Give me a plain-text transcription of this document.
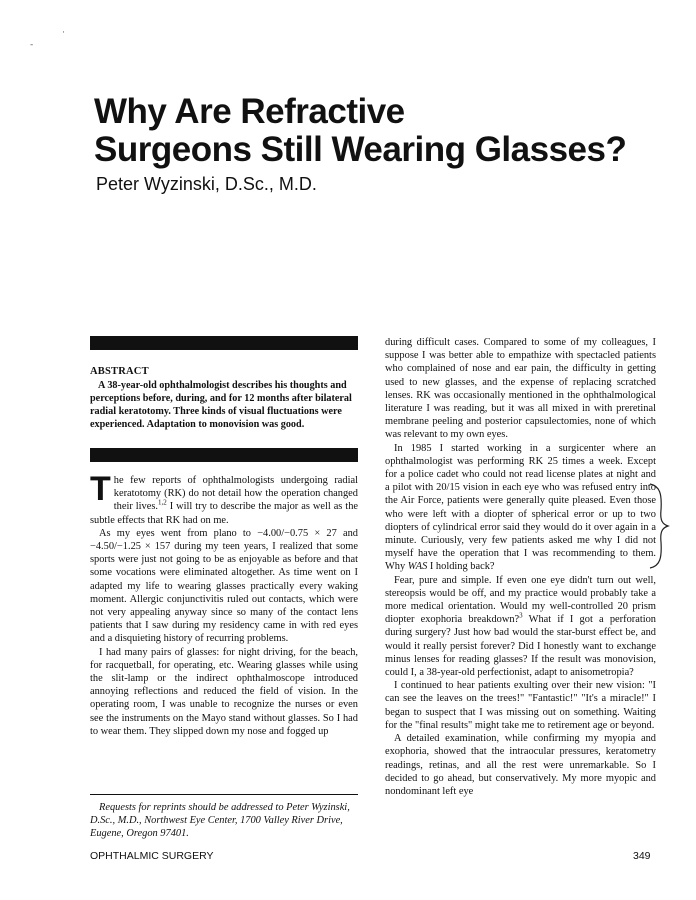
·
-
Why Are Refractive
Surgeons Still Wearing Glasses?

Peter Wyzinski, D.Sc., M.D.

ABSTRACT

A 38-year-old ophthalmologist describes his thoughts and perceptions before, during, and for 12 months after bilateral radial keratotomy. Three kinds of visual fluctuations were experienced. Adaptation to monovision was good.

The few reports of ophthalmologists undergoing radial keratotomy (RK) do not detail how the operation changed their lives.$^{1,2}$ I will try to describe the major as well as the subtle effects that RK had on me.

As my eyes went from plano to −4.00/−0.75 × 27 and −4.50/−1.25 × 157 during my teen years, I realized that some sports were just not going to be as enjoyable as before and that some vocations were eliminated altogether. As time went on I adapted my life to wearing glasses practically every waking moment. Allergic conjunctivitis ruled out contacts, which were not very appealing anyway since so many of the contact lens patients that I saw during my residency came in with red eyes and a disquieting history of recurring problems.

I had many pairs of glasses: for night driving, for the beach, for racquetball, for operating, etc. Wearing glasses while using the slit-lamp or the indirect ophthalmoscope introduced annoying reflections and reduced the field of vision. In the operating room, I was unable to recognize the nurses or even see the instruments on the Mayo stand without glasses. So I had to wear them. They slipped down my nose and fogged up

Requests for reprints should be addressed to Peter Wyzinski, D.Sc., M.D., Northwest Eye Center, 1700 Valley River Drive, Eugene, Oregon 97401.

during difficult cases. Compared to some of my colleagues, I suppose I was better able to empathize with spectacled patients who complained of nose and ear pain, the difficulty in getting used to new glasses, and the expense of replacing scratched lenses. RK was occasionally mentioned in the ophthalmological literature I was reading, but it was all mixed in with preretinal membrane peeling and posterior capsulectomies, none of which was relevant to my own eyes.

In 1985 I started working in a surgicenter where an ophthalmologist was performing RK 25 times a week. Except for a police cadet who could not read license plates at night and a pilot with 20/15 vision in each eye who was refused entry into the Air Force, patients were generally quite pleased. Even those who were left with a diopter of spherical error or up to two diopters of cylindrical error said they would do it over again in a minute. Curiously, very few patients asked me why I did not myself have the operation that I was recommending to them. Why WAS I holding back?

Fear, pure and simple. If even one eye didn't turn out well, stereopsis would be off, and my practice would probably take a more medical orientation. Would my well-controlled 20 prism diopter exophoria breakdown?$^3$ What if I got a perforation during surgery? Just how bad would the star-burst effect be, and would it really persist forever? Did I honestly want to exchange minus lenses for reading glasses? If the result was monovision, could I, a 38-year-old perfectionist, adapt to anisometropia?

I continued to hear patients exulting over their new vision: "I can see the leaves on the trees!" "Fantastic!" "It's a miracle!" I began to suspect that I was missing out on something. Waiting for the "final results" might take me to retirement age or beyond.

A detailed examination, while confirming my myopia and exophoria, showed that the intraocular pressures, keratometry readings, retinas, and all the rest were unremarkable. So I decided to go ahead, but conservatively. My more myopic and nondominant left eye

OPHTHALMIC SURGERY	349
